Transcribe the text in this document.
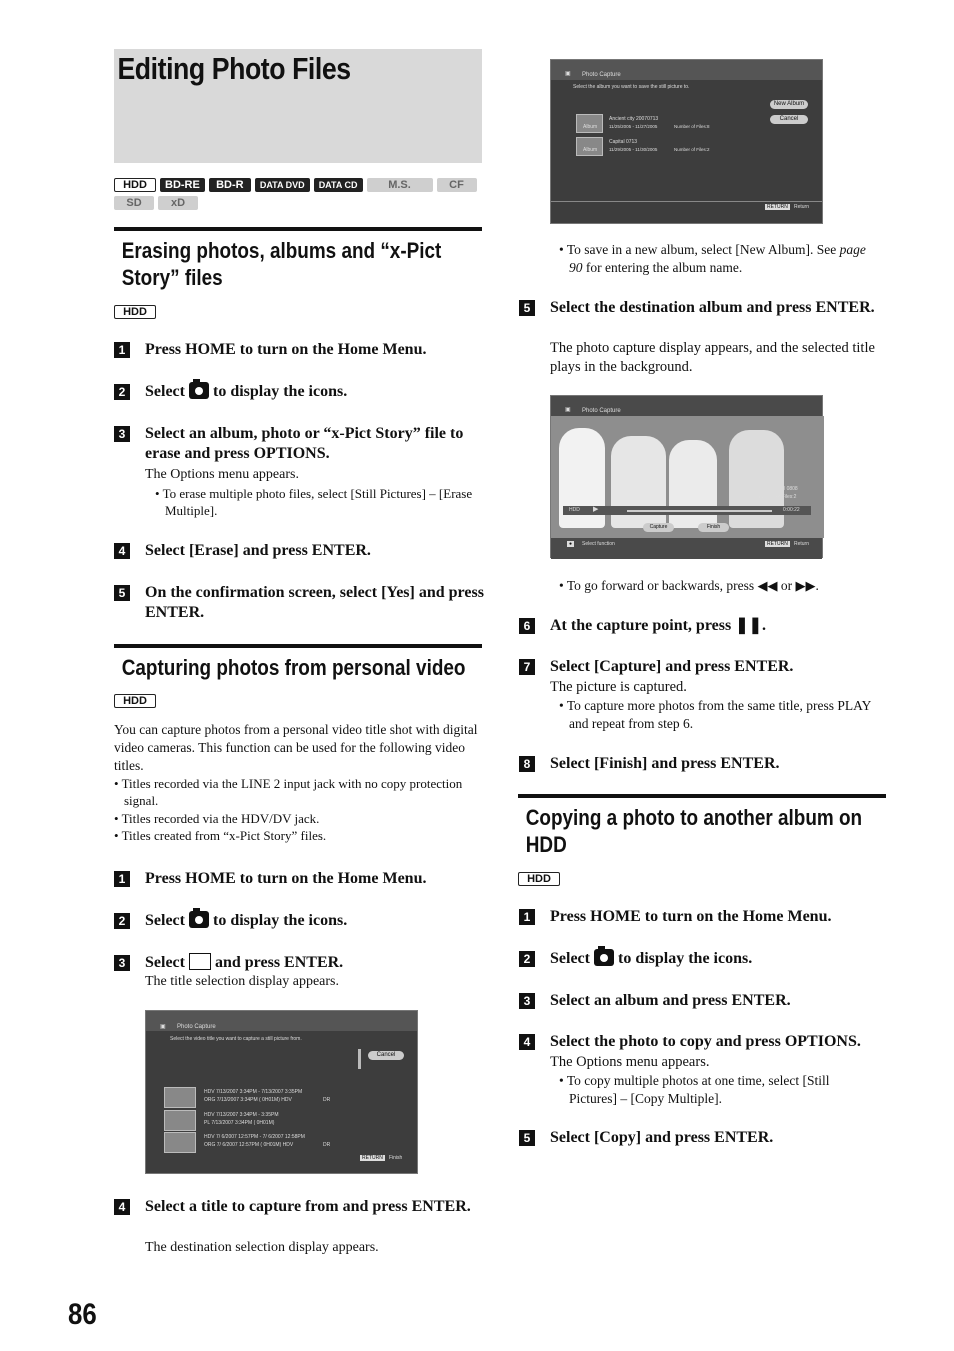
Editing Photo Files
HDD	BD-RE	BD-R	DATA DVD	DATA CD	M.S.	CF
SD	xD
Erasing photos, albums and “x-Pict Story” files
HDD
1 Press HOME to turn on the Home Menu.
2 Select to display the icons.
3 Select an album, photo or “x-Pict Story” file to erase and press OPTIONS.
The Options menu appears.
• To erase multiple photo files, select [Still Pictures] – [Erase Multiple].
4 Select [Erase] and press ENTER.
5 On the confirmation screen, select [Yes] and press ENTER.
Capturing photos from personal video
HDD
You can capture photos from a personal video title shot with digital video cameras. This function can be used for the following video titles.
• Titles recorded via the LINE 2 input jack with no copy protection signal.
• Titles recorded via the HDV/DV jack.
• Titles created from “x-Pict Story” files.
1 Press HOME to turn on the Home Menu.
2 Select to display the icons.
3 Select and press ENTER.
The title selection display appears.
▣ Photo Capture
Select the video title you want to capture a still picture from.
Cancel
HDV 7/13/2007 3:34PM - 7/13/2007 3:35PM
ORG 7/13/2007 3:34PM ( 0H01M) HDV	DR
HDV 7/13/2007 3:34PM - 3:35PM
PL 7/13/2007 3:34PM ( 0H01M)
HDV 7/ 6/2007 12:57PM - 7/ 6/2007 12:58PM
ORG 7/ 6/2007 12:57PM ( 0H01M) HDV	DR
RETURN	Finish
4 Select a title to capture from and press ENTER.
The destination selection display appears.
▣ Photo Capture
Select the album you want to save the still picture to.
New Album
Cancel
Album
Ancient city 20070713
11/25/2005 - 11/27/2005	Number of Files:8
Album
Capital 0713
11/29/2005 - 11/30/2005	Number of Files:2
RETURN	Return
• To save in a new album, select [New Album]. See page 90 for entering the album name.
5 Select the destination album and press ENTER.
The photo capture display appears, and the selected title plays in the background.
▣ Photo Capture
Baseball 0808
Number of Files:2
HDD ▶	0:00:22
Capture	Finish
●	Select function	RETURN	Return
• To go forward or backwards, press ◀◀ or ▶▶.
6 At the capture point, press ❚❚.
7 Select [Capture] and press ENTER.
The picture is captured.
• To capture more photos from the same title, press PLAY and repeat from step 6.
8 Select [Finish] and press ENTER.
Copying a photo to another album on HDD
HDD
1 Press HOME to turn on the Home Menu.
2 Select to display the icons.
3 Select an album and press ENTER.
4 Select the photo to copy and press OPTIONS.
The Options menu appears.
• To copy multiple photos at one time, select [Still Pictures] – [Copy Multiple].
5 Select [Copy] and press ENTER.
86
